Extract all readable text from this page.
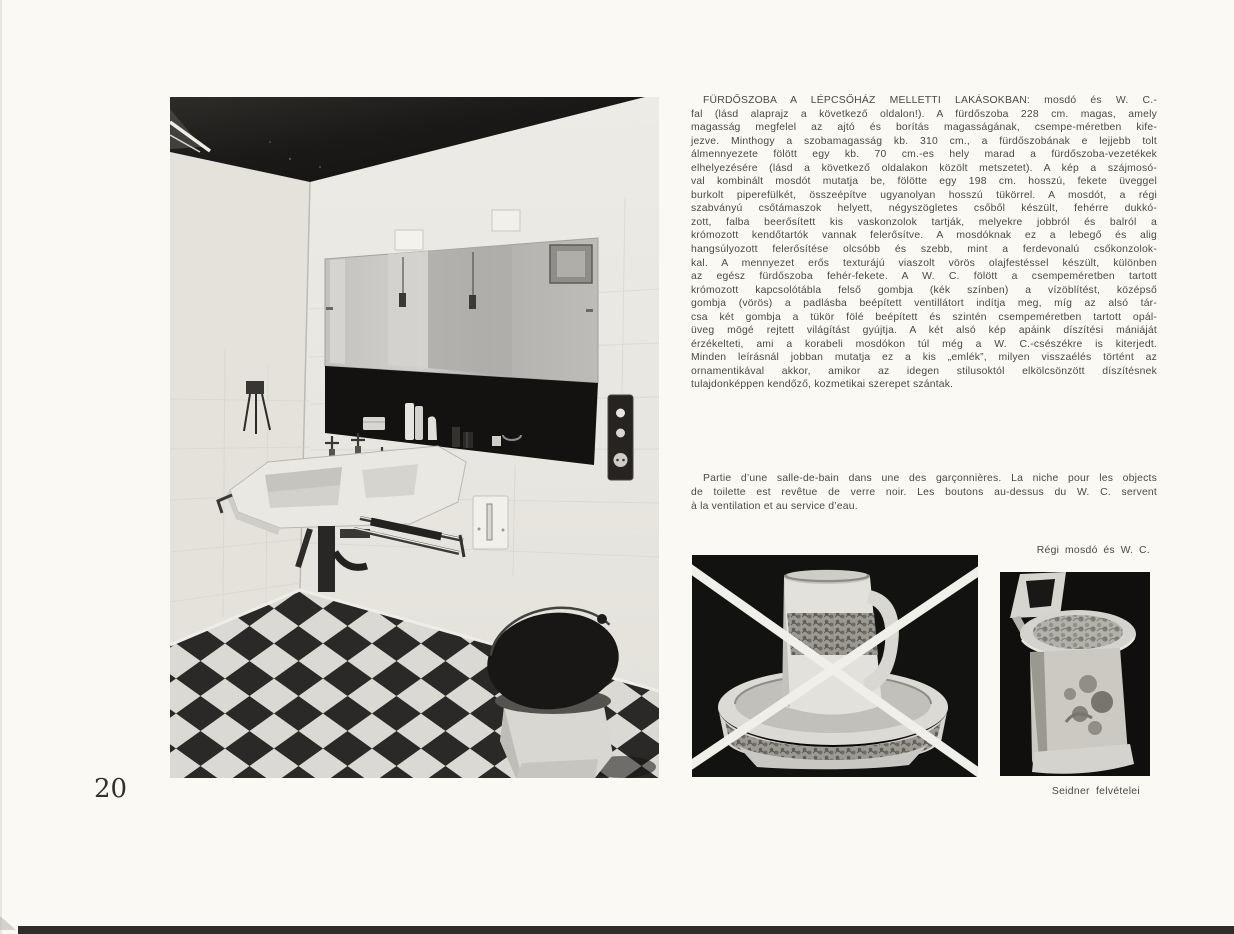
FÜRDŐSZOBA A LÉPCSŐHÁZ MELLETTI LAKÁSOKBAN: mosdó és W. C.-
fal (lásd alaprajz a következő oldalon!). A fürdőszoba 228 cm. magas, amely
magasság megfelel az ajtó és borítás magasságának, csempe-méretben kife-
jezve. Minthogy a szobamagasság kb. 310 cm., a fürdőszobának e lejjebb tolt
álmennyezete fölött egy kb. 70 cm.-es hely marad a fürdőszoba-vezetékek
elhelyezésére (lásd a következő oldalakon közölt metszetet). A kép a szájmosó-
val kombinált mosdót mutatja be, fölötte egy 198 cm. hosszú, fekete üveggel
burkolt piperefülkét, összeépítve ugyanolyan hosszú tükörrel. A mosdót, a régi
szabványú csőtámaszok helyett, négyszögletes csőből készült, fehérre dukkó-
zott, falba beerősített kis vaskonzolok tartják, melyekre jobbról és balról a
krómozott kendőtartók vannak felerősítve. A mosdóknak ez a lebegő és alig
hangsúlyozott felerősítése olcsóbb és szebb, mint a ferdevonalú csőkonzolok-
kal. A mennyezet erős texturájú viaszolt vörös olajfestéssel készült, különben
az egész fürdőszoba fehér-fekete. A W. C. fölött a csempeméretben tartott
krómozott kapcsolótábla felső gombja (kék színben) a vízöblítést, középső
gombja (vörös) a padlásba beépített ventillátort indítja meg, míg az alsó tár-
csa két gombja a tükör fölé beépített és szintén csempeméretben tartott opál-
üveg mögé rejtett világítást gyújtja. A két alsó kép apáink díszítési mániáját
érzékelteti, ami a korabeli mosdókon túl még a W. C.-csészékre is kiterjedt.
Minden leírásnál jobban mutatja ez a kis „emlék”, milyen visszaélés történt az
ornamentikával akkor, amikor az idegen stilusoktól elkölcsönzött díszítésnek
tulajdonképpen kendőző, kozmetikai szerepet szántak.
Partie d’une salle-de-bain dans une des garçonnières. La niche pour les objects
de toilette est revêtue de verre noir. Les boutons au-dessus du W. C. servent
à la ventilation et au service d’eau.
Régi mosdó és W. C.
Seidner felvételei
20
